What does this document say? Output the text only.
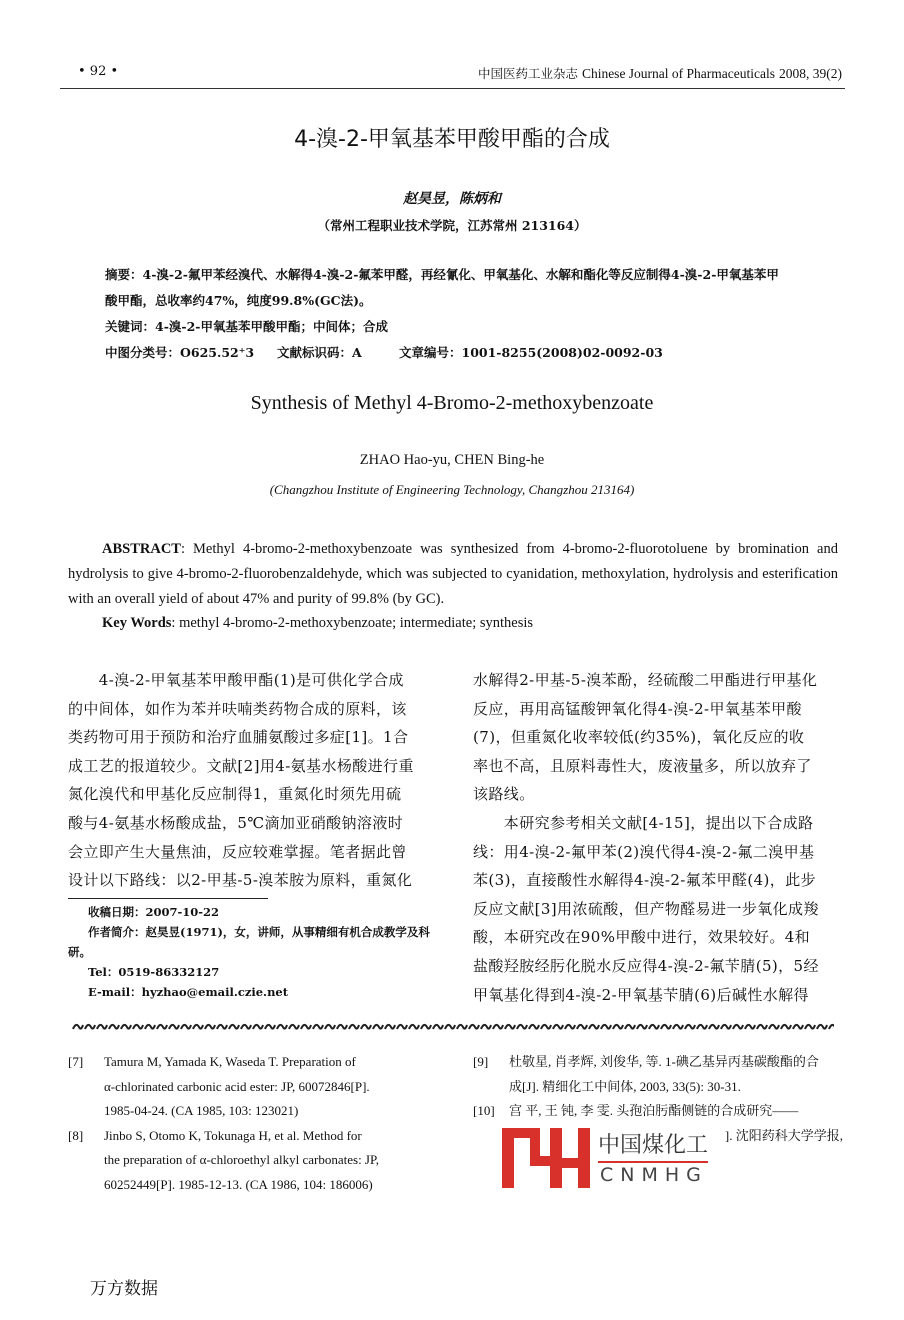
• 92 •	中国医药工业杂志 Chinese Journal of Pharmaceuticals 2008, 39(2)
4-溴-2-甲氧基苯甲酸甲酯的合成
赵昊昱，陈炳和
（常州工程职业技术学院，江苏常州 213164）
摘要：4-溴-2-氟甲苯经溴代、水解得4-溴-2-氟苯甲醛，再经氰化、甲氧基化、水解和酯化等反应制得4-溴-2-甲氧基苯甲
酸甲酯，总收率约47%，纯度99.8%(GC法)。
关键词：4-溴-2-甲氧基苯甲酸甲酯；中间体；合成
中图分类号：O625.52⁺3 文献标识码：A	文章编号：1001-8255(2008)02-0092-03
Synthesis of Methyl 4-Bromo-2-methoxybenzoate
ZHAO Hao-yu, CHEN Bing-he
(Changzhou Institute of Engineering Technology, Changzhou 213164)
ABSTRACT: Methyl 4-bromo-2-methoxybenzoate was synthesized from 4-bromo-2-fluorotoluene by bromination and hydrolysis to give 4-bromo-2-fluorobenzaldehyde, which was subjected to cyanidation, methoxylation, hydrolysis and esterification with an overall yield of about 47% and purity of 99.8% (by GC).
Key Words: methyl 4-bromo-2-methoxybenzoate; intermediate; synthesis
　　4-溴-2-甲氧基苯甲酸甲酯(1)是可供化学合成
的中间体，如作为苯并呋喃类药物合成的原料，该
类药物可用于预防和治疗血脯氨酸过多症[1]。1合
成工艺的报道较少。文献[2]用4-氨基水杨酸进行重
氮化溴代和甲基化反应制得1，重氮化时须先用硫
酸与4-氨基水杨酸成盐，5℃滴加亚硝酸钠溶液时
会立即产生大量焦油，反应较难掌握。笔者据此曾
设计以下路线：以2-甲基-5-溴苯胺为原料，重氮化
水解得2-甲基-5-溴苯酚，经硫酸二甲酯进行甲基化
反应，再用高锰酸钾氧化得4-溴-2-甲氧基苯甲酸
(7)，但重氮化收率较低(约35%)，氧化反应的收
率也不高，且原料毒性大，废液量多，所以放弃了
该路线。
　　本研究参考相关文献[4-15]，提出以下合成路
线：用4-溴-2-氟甲苯(2)溴代得4-溴-2-氟二溴甲基
苯(3)，直接酸性水解得4-溴-2-氟苯甲醛(4)，此步
反应文献[3]用浓硫酸，但产物醛易进一步氧化成羧
酸，本研究改在90%甲酸中进行，效果较好。4和
盐酸羟胺经肟化脱水反应得4-溴-2-氟苄腈(5)，5经
甲氧基化得到4-溴-2-甲氧基苄腈(6)后碱性水解得
收稿日期：2007-10-22
作者简介：赵昊昱(1971)，女，讲师，从事精细有机合成教学及科
研。
Tel：0519-86332127
E-mail：hyzhao@email.czie.net
[7] Tamura M, Yamada K, Waseda T. Preparation of
α-chlorinated carbonic acid ester: JP, 60072846[P].
1985-04-24. (CA 1985, 103: 123021)
[8] Jinbo S, Otomo K, Tokunaga H, et al. Method for
the preparation of α-chloroethyl alkyl carbonates: JP,
60252449[P]. 1985-12-13. (CA 1986, 104: 186006)
[9] 杜敬星, 肖孝辉, 刘俊华, 等. 1-碘乙基异丙基碳酸酯的合
成[J]. 精细化工中间体, 2003, 33(5): 30-31.
[10] 宫 平, 王 钝, 李 雯. 头孢泊肟酯侧链的合成研究——
]. 沈阳药科大学学报,
中国煤化工
CNMHG
万方数据
